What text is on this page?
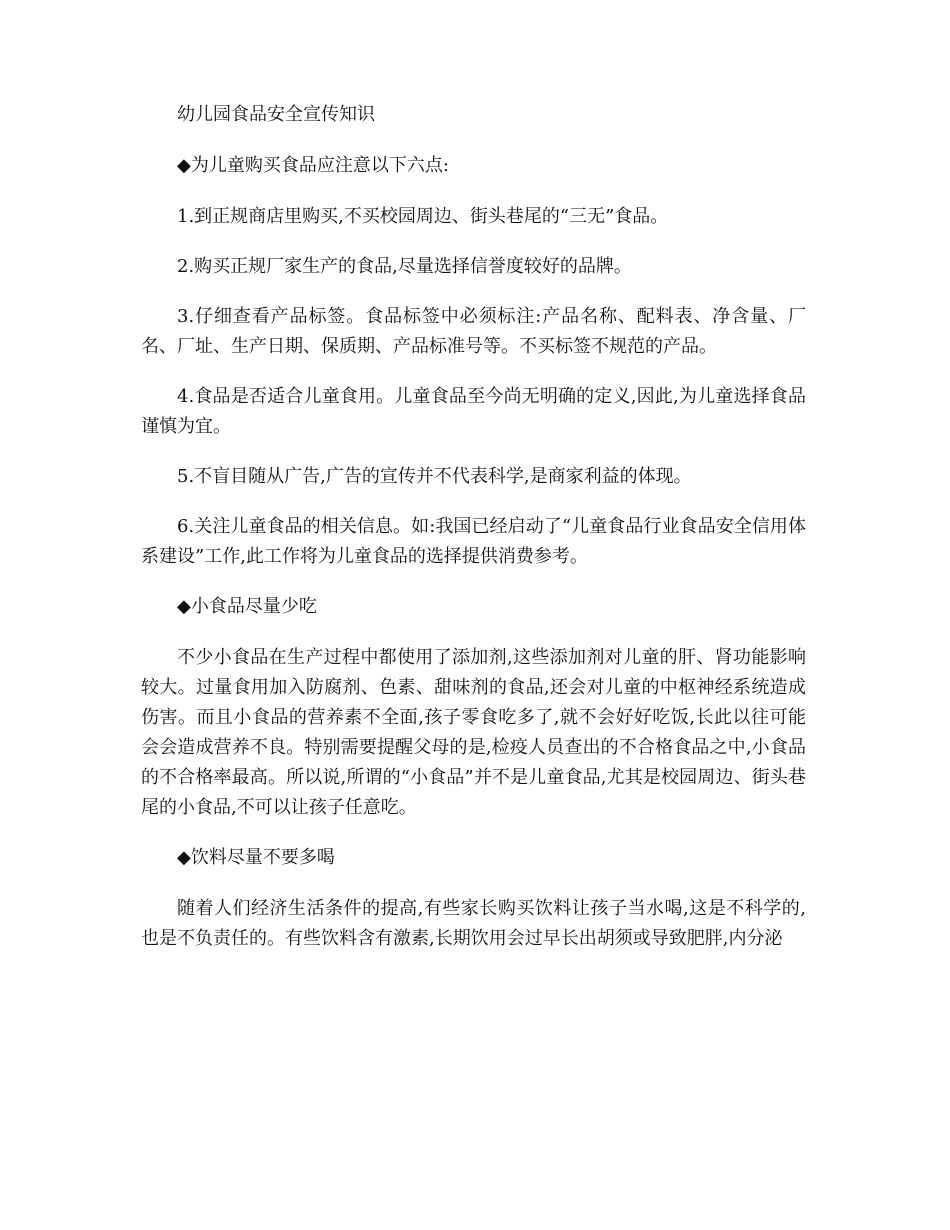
幼儿园食品安全宣传知识

◆为儿童购买食品应注意以下六点:

1.到正规商店里购买,不买校园周边、街头巷尾的“三无”食品。

2.购买正规厂家生产的食品,尽量选择信誉度较好的品牌。

3.仔细查看产品标签。食品标签中必须标注:产品名称、配料表、净含量、厂名、厂址、生产日期、保质期、产品标准号等。不买标签不规范的产品。

4.食品是否适合儿童食用。儿童食品至今尚无明确的定义,因此,为儿童选择食品谨慎为宜。

5.不盲目随从广告,广告的宣传并不代表科学,是商家利益的体现。

6.关注儿童食品的相关信息。如:我国已经启动了“儿童食品行业食品安全信用体系建设”工作,此工作将为儿童食品的选择提供消费参考。

◆小食品尽量少吃

不少小食品在生产过程中都使用了添加剂,这些添加剂对儿童的肝、肾功能影响较大。过量食用加入防腐剂、色素、甜味剂的食品,还会对儿童的中枢神经系统造成伤害。而且小食品的营养素不全面,孩子零食吃多了,就不会好好吃饭,长此以往可能会会造成营养不良。特别需要提醒父母的是,检疫人员查出的不合格食品之中,小食品的不合格率最高。所以说,所谓的“小食品”并不是儿童食品,尤其是校园周边、街头巷尾的小食品,不可以让孩子任意吃。

◆饮料尽量不要多喝

随着人们经济生活条件的提高,有些家长购买饮料让孩子当水喝,这是不科学的,也是不负责任的。有些饮料含有激素,长期饮用会过早长出胡须或导致肥胖,内分泌
